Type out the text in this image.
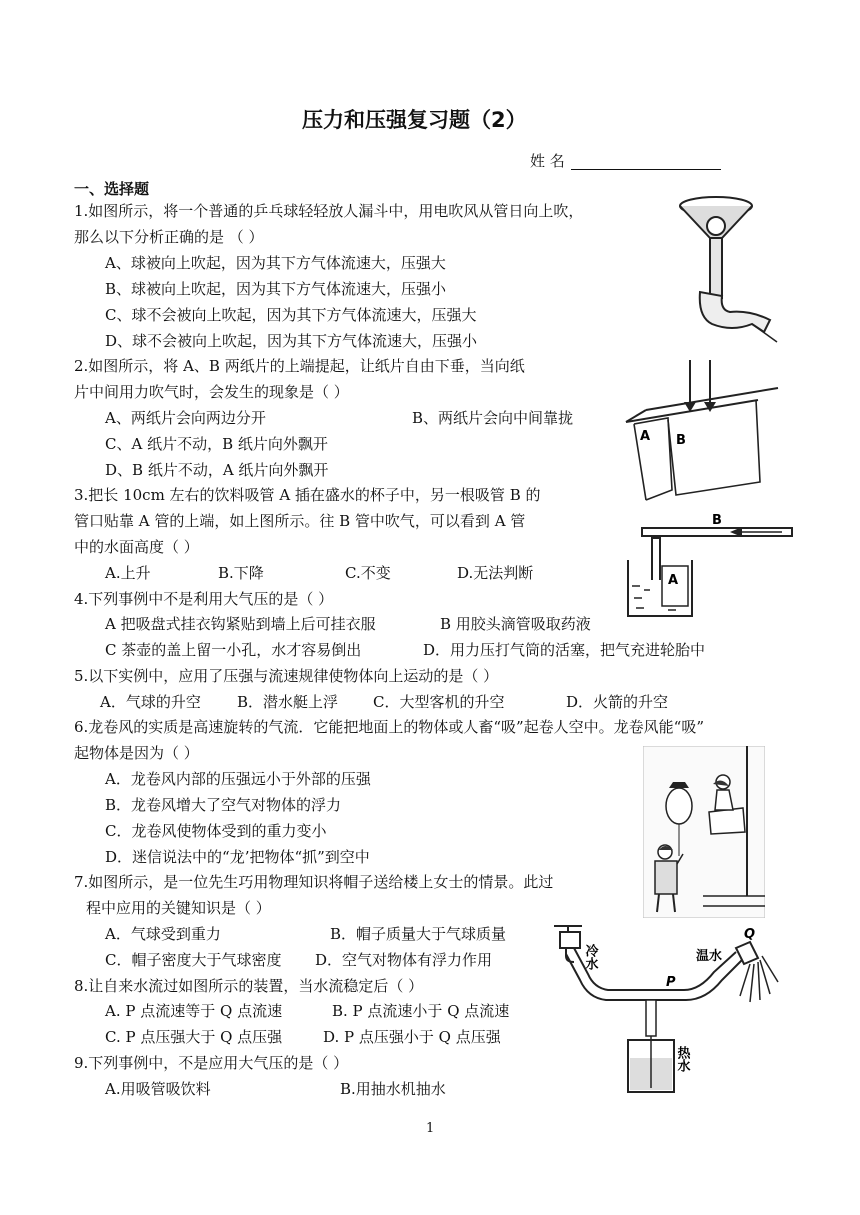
压力和压强复习题（2）
姓 名
一、选择题
1.如图所示，将一个普通的乒乓球轻轻放人漏斗中，用电吹风从管日向上吹，
那么以下分析正确的是 （ ）
A、球被向上吹起，因为其下方气体流速大，压强大
B、球被向上吹起，因为其下方气体流速大，压强小
C、球不会被向上吹起，因为其下方气体流速大，压强大
D、球不会被向上吹起，因为其下方气体流速大，压强小
2.如图所示，将 A、B 两纸片的上端提起，让纸片自由下垂，当向纸
片中间用力吹气时，会发生的现象是（ ）
A、两纸片会向两边分开	B、两纸片会向中间靠拢
C、A 纸片不动，B 纸片向外飘开
D、B 纸片不动，A 纸片向外飘开
3.把长 10cm 左右的饮料吸管 A 插在盛水的杯子中，另一根吸管 B 的
管口贴靠 A 管的上端，如上图所示。往 B 管中吹气，可以看到 A 管
中的水面高度（ ）
A.上升	B.下降	C.不变	D.无法判断
4.下列事例中不是利用大气压的是（ ）
A 把吸盘式挂衣钩紧贴到墙上后可挂衣服	B 用胶头滴管吸取药液
C 茶壶的盖上留一小孔，水才容易倒出	D．用力压打气筒的活塞，把气充进轮胎中
5.以下实例中，应用了压强与流速规律使物体向上运动的是（ ）
A．气球的升空 B．潜水艇上浮 C．大型客机的升空	D．火箭的升空
6.龙卷风的实质是高速旋转的气流．它能把地面上的物体或人畜“吸”起卷人空中。龙卷风能“吸”
起物体是因为（ ）
A．龙卷风内部的压强远小于外部的压强
B．龙卷风增大了空气对物体的浮力
C．龙卷风使物体受到的重力变小
D．迷信说法中的“龙’把物体“抓”到空中
7.如图所示，是一位先生巧用物理知识将帽子送给楼上女士的情景。此过
程中应用的关键知识是（ ）
A．气球受到重力	B．帽子质量大于气球质量
C．帽子密度大于气球密度 D．空气对物体有浮力作用
8.让自来水流过如图所示的装置，当水流稳定后（ ）
A. P 点流速等于 Q 点流速	B. P 点流速小于 Q 点流速
C. P 点压强大于 Q 点压强	D. P 点压强小于 Q 点压强
9.下列事例中，不是应用大气压的是（ ）
A.用吸管吸饮料	B.用抽水机抽水
1
A B
B
A
冷水	温水
热水
P
Q
